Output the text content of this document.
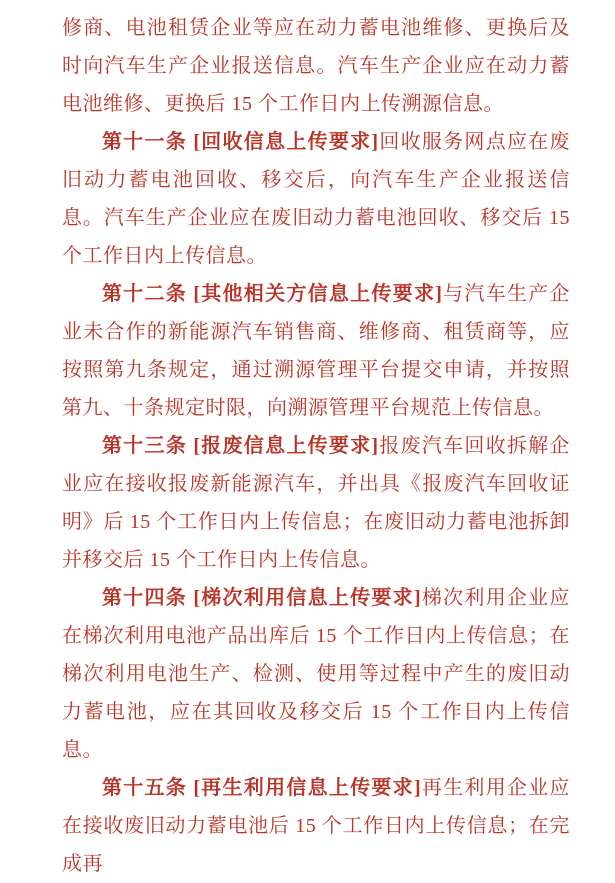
修商、电池租赁企业等应在动力蓄电池维修、更换后及时向汽车生产企业报送信息。汽车生产企业应在动力蓄电池维修、更换后 15 个工作日内上传溯源信息。

第十一条 [回收信息上传要求]回收服务网点应在废旧动力蓄电池回收、移交后，向汽车生产企业报送信息。汽车生产企业应在废旧动力蓄电池回收、移交后 15 个工作日内上传信息。

第十二条 [其他相关方信息上传要求]与汽车生产企业未合作的新能源汽车销售商、维修商、租赁商等，应按照第九条规定，通过溯源管理平台提交申请，并按照第九、十条规定时限，向溯源管理平台规范上传信息。

第十三条 [报废信息上传要求]报废汽车回收拆解企业应在接收报废新能源汽车，并出具《报废汽车回收证明》后 15 个工作日内上传信息；在废旧动力蓄电池拆卸并移交后 15 个工作日内上传信息。

第十四条 [梯次利用信息上传要求]梯次利用企业应在梯次利用电池产品出库后 15 个工作日内上传信息；在梯次利用电池生产、检测、使用等过程中产生的废旧动力蓄电池，应在其回收及移交后 15 个工作日内上传信息。

第十五条 [再生利用信息上传要求]再生利用企业应在接收废旧动力蓄电池后 15 个工作日内上传信息；在完成再
